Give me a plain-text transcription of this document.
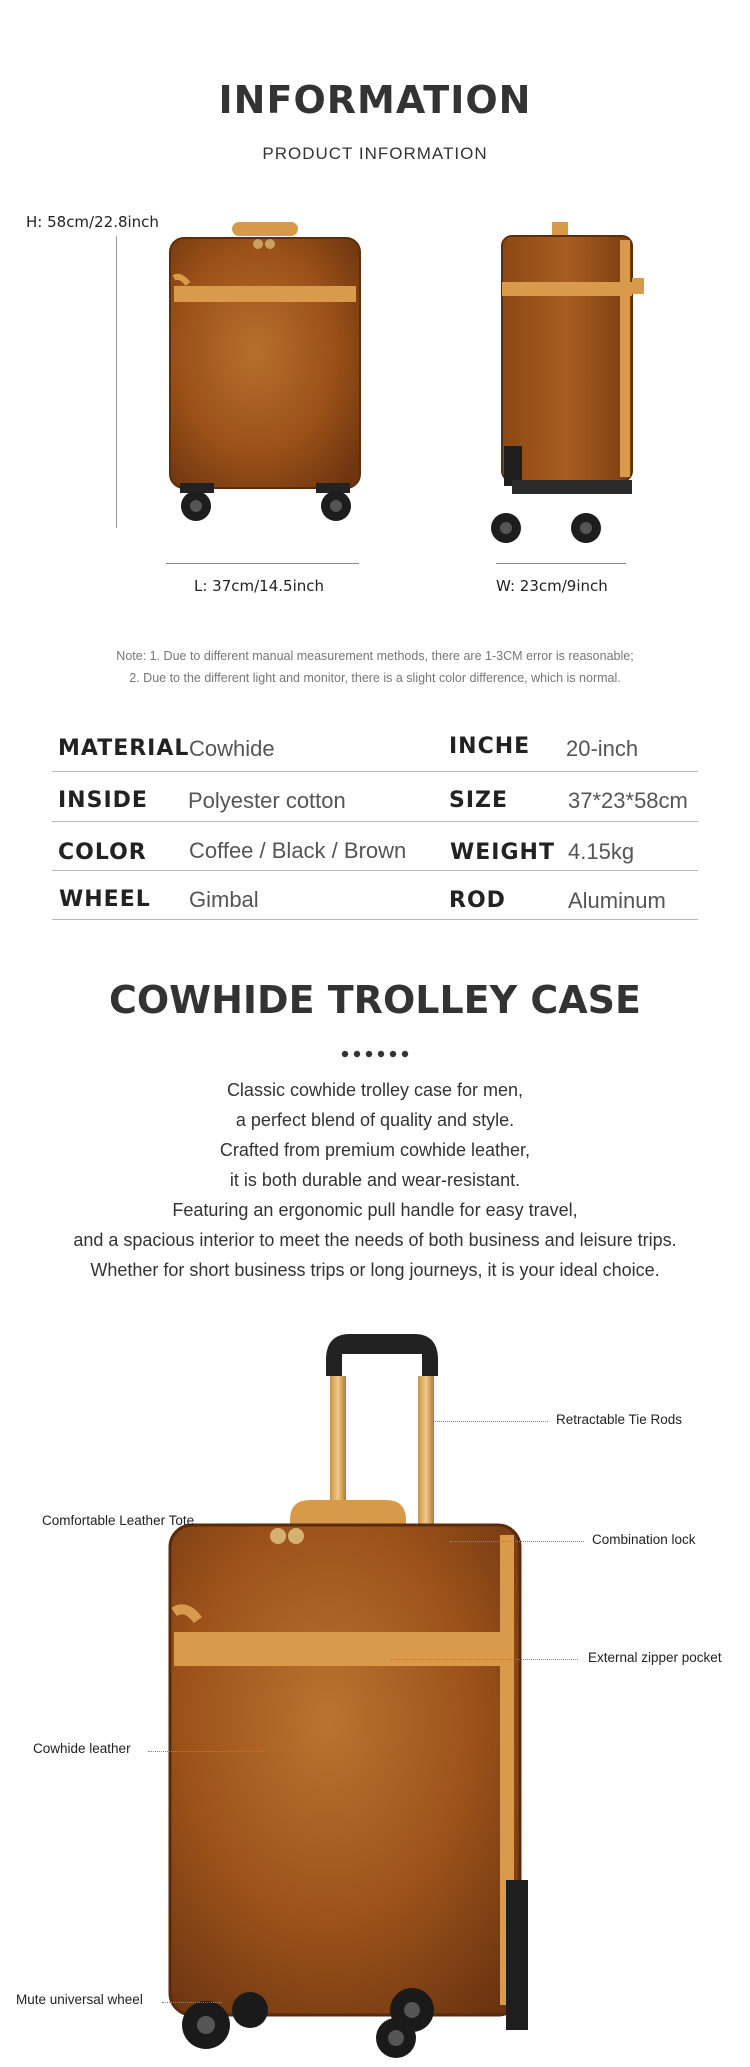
INFORMATION
PRODUCT INFORMATION
H: 58cm/22.8inch
L: 37cm/14.5inch	W: 23cm/9inch
Note: 1. Due to different manual measurement methods, there are 1-3CM error is reasonable;
2. Due to the different light and monitor, there is a slight color difference, which is normal.
MATERIAL Cowhide	INCHE 20-inch
INSIDE Polyester cotton	SIZE	37*23*58cm
COLOR Coffee / Black / Brown WEIGHT 4.15kg
WHEEL Gimbal	ROD	Aluminum
COWHIDE TROLLEY CASE
Classic cowhide trolley case for men,
a perfect blend of quality and style.
Crafted from premium cowhide leather,
it is both durable and wear-resistant.
Featuring an ergonomic pull handle for easy travel,
and a spacious interior to meet the needs of both business and leisure trips.
Whether for short business trips or long journeys, it is your ideal choice.
Retractable Tie Rods
Comfortable Leather Tote
Combination lock
External zipper pocket
Cowhide leather
Mute universal wheel
